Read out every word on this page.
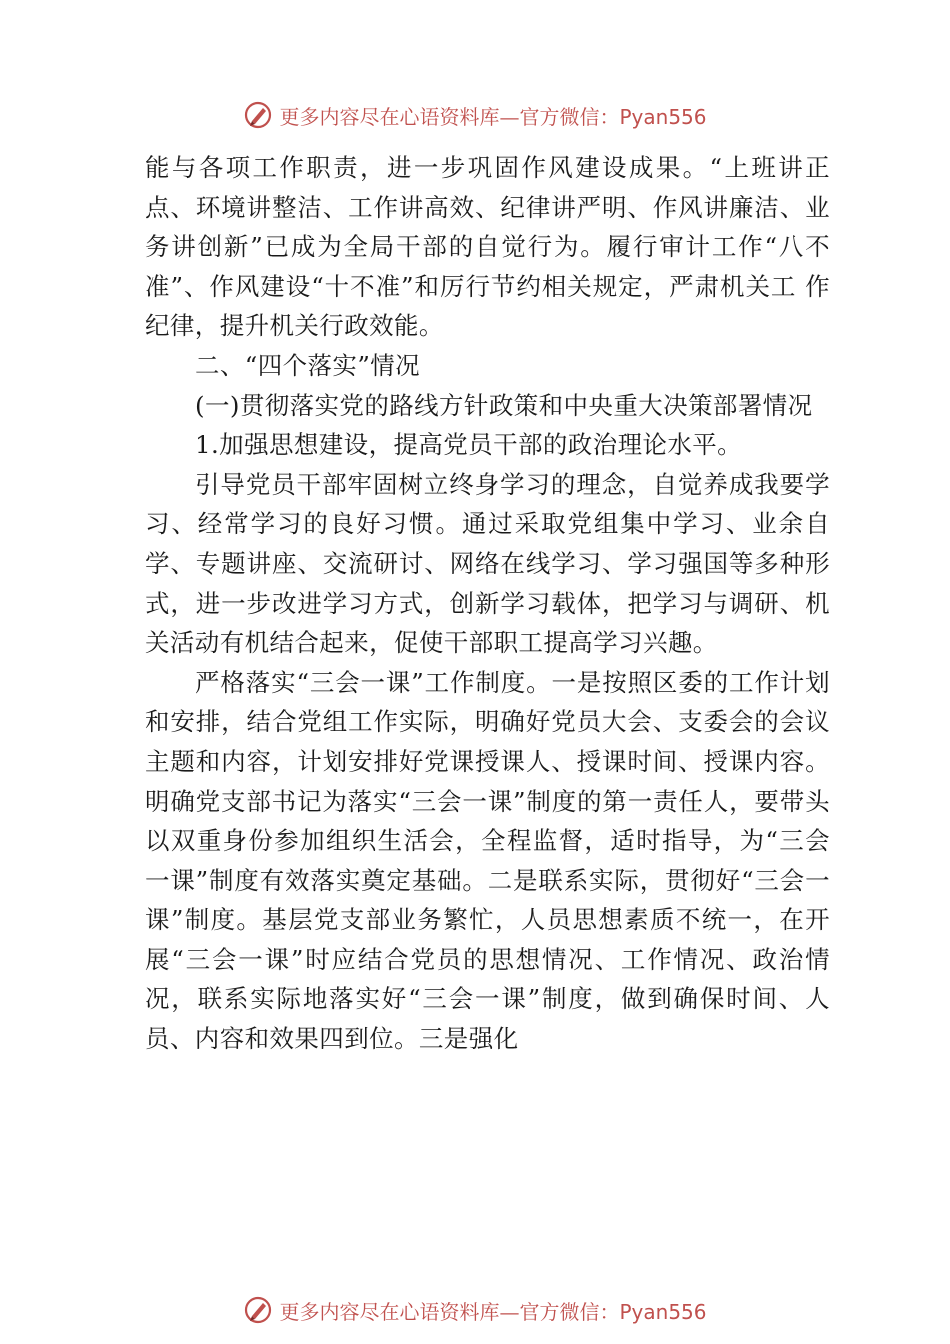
更多内容尽在心语资料库—官方微信：Pyan556

能与各项工作职责，进一步巩固作风建设成果。“上班讲正点、环境讲整洁、工作讲高效、纪律讲严明、作风讲廉洁、业务讲创新”已成为全局干部的自觉行为。履行审计工作“八不准”、作风建设“十不准”和厉行节约相关规定，严肃机关工 作纪律，提升机关行政效能。

二、“四个落实”情况

(一)贯彻落实党的路线方针政策和中央重大决策部署情况

1.加强思想建设，提高党员干部的政治理论水平。

引导党员干部牢固树立终身学习的理念，自觉养成我要学习、经常学习的良好习惯。通过采取党组集中学习、业余自学、专题讲座、交流研讨、网络在线学习、学习强国等多种形式，进一步改进学习方式，创新学习载体，把学习与调研、机关活动有机结合起来，促使干部职工提高学习兴趣。

严格落实“三会一课”工作制度。一是按照区委的工作计划和安排，结合党组工作实际，明确好党员大会、支委会的会议主题和内容，计划安排好党课授课人、授课时间、授课内容。明确党支部书记为落实“三会一课”制度的第一责任人，要带头以双重身份参加组织生活会，全程监督，适时指导，为“三会一课”制度有效落实奠定基础。二是联系实际，贯彻好“三会一课”制度。基层党支部业务繁忙，人员思想素质不统一，在开展“三会一课”时应结合党员的思想情况、工作情况、政治情况，联系实际地落实好“三会一课”制度，做到确保时间、人员、内容和效果四到位。三是强化

更多内容尽在心语资料库—官方微信：Pyan556
